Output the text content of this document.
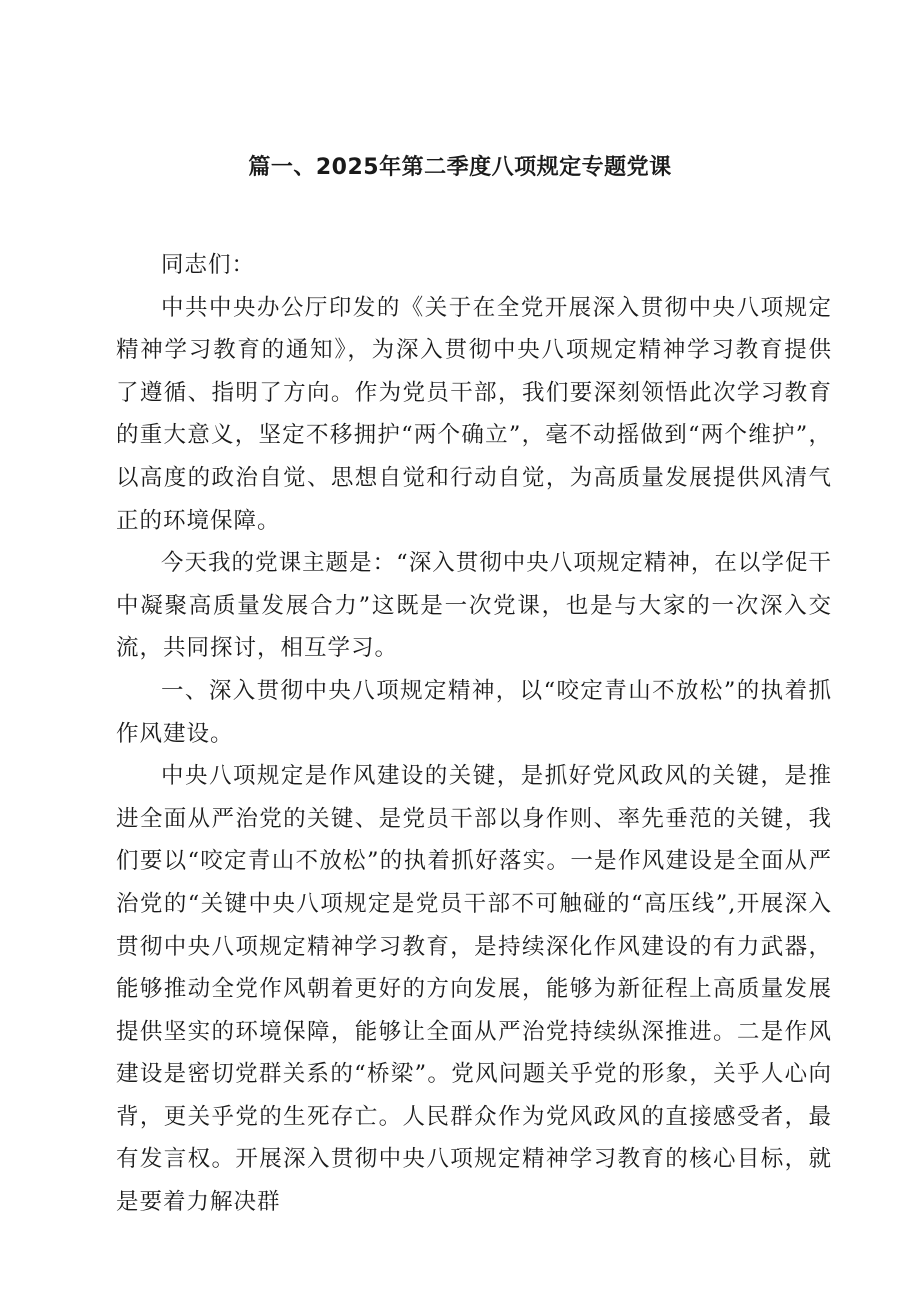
篇一、2025年第二季度八项规定专题党课

同志们：

中共中央办公厅印发的《关于在全党开展深入贯彻中央八项规定精神学习教育的通知》，为深入贯彻中央八项规定精神学习教育提供了遵循、指明了方向。作为党员干部，我们要深刻领悟此次学习教育的重大意义，坚定不移拥护“两个确立”，毫不动摇做到“两个维护”，以高度的政治自觉、思想自觉和行动自觉，为高质量发展提供风清气正的环境保障。

今天我的党课主题是：“深入贯彻中央八项规定精神，在以学促干中凝聚高质量发展合力”这既是一次党课，也是与大家的一次深入交流，共同探讨，相互学习。

一、深入贯彻中央八项规定精神，以“咬定青山不放松”的执着抓作风建设。

中央八项规定是作风建设的关键，是抓好党风政风的关键，是推进全面从严治党的关键、是党员干部以身作则、率先垂范的关键，我们要以“咬定青山不放松”的执着抓好落实。一是作风建设是全面从严治党的“关键中央八项规定是党员干部不可触碰的“高压线”,开展深入贯彻中央八项规定精神学习教育，是持续深化作风建设的有力武器，能够推动全党作风朝着更好的方向发展，能够为新征程上高质量发展提供坚实的环境保障，能够让全面从严治党持续纵深推进。二是作风建设是密切党群关系的“桥梁”。党风问题关乎党的形象，关乎人心向背，更关乎党的生死存亡。人民群众作为党风政风的直接感受者，最有发言权。开展深入贯彻中央八项规定精神学习教育的核心目标，就是要着力解决群
